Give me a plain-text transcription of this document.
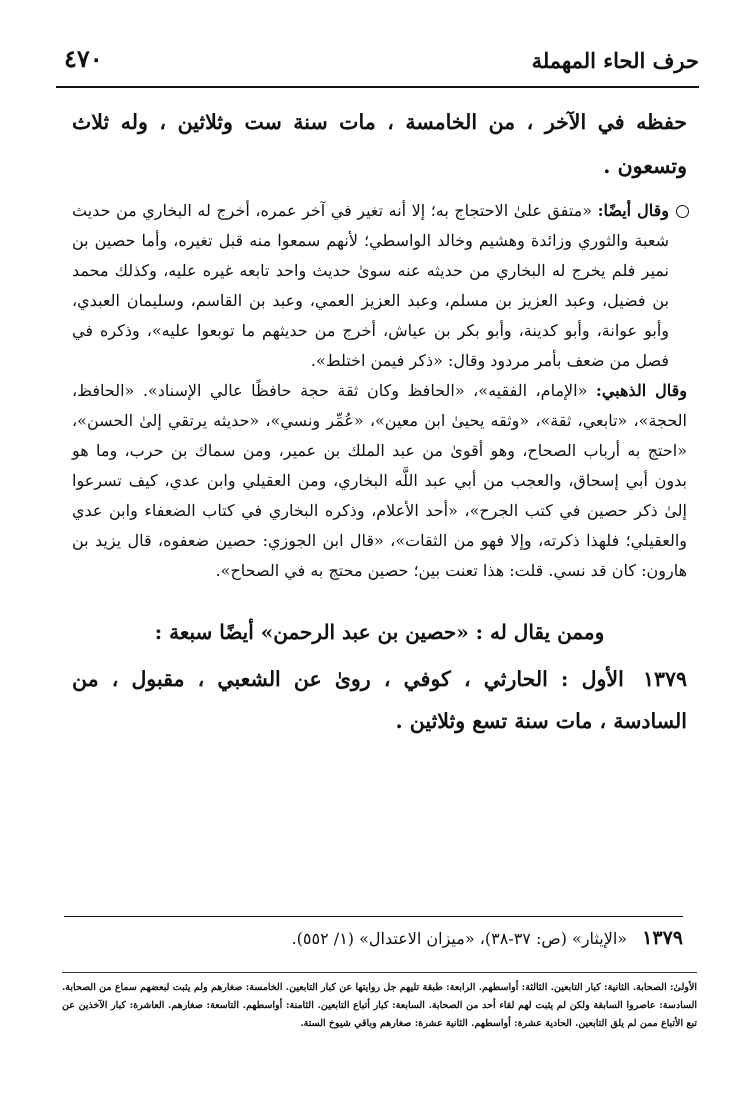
حرف الحاء المهملة
٤٧٠

حفظه في الآخر ، من الخامسة ، مات سنة ست وثلاثين ، وله ثلاث وتسعون .

وقال أيضًا: «متفق علىٰ الاحتجاج به؛ إلا أنه تغير في آخر عمره، أخرج له البخاري من حديث شعبة والثوري وزائدة وهشيم وخالد الواسطي؛ لأنهم سمعوا منه قبل تغيره، وأما حصين بن نمير فلم يخرج له البخاري من حديثه عنه سوىٰ حديث واحد تابعه غيره عليه، وكذلك محمد بن فضيل، وعبد العزيز بن مسلم، وعبد العزيز العمي، وعبد بن القاسم، وسليمان العبدي، وأبو عوانة، وأبو كدينة، وأبو بكر بن عياش، أخرج من حديثهم ما توبعوا عليه»، وذكره في فصل من ضعف بأمر مردود وقال: «ذكر فيمن اختلط».

وقال الذهبي: «الإمام، الفقيه»، «الحافظ وكان ثقة حجة حافظًا عالي الإسناد». «الحافظ، الحجة»، «تابعي، ثقة»، «وثقه يحيىٰ ابن معين»، «عُمِّر ونسي»، «حديثه يرتقي إلىٰ الحسن»، «احتج به أرباب الصحاح، وهو أقوىٰ من عبد الملك بن عمير، ومن سماك بن حرب، وما هو بدون أبي إسحاق، والعجب من أبي عبد اللَّه البخاري، ومن العقيلي وابن عدي، كيف تسرعوا إلىٰ ذكر حصين في كتب الجرح»، «أحد الأعلام، وذكره البخاري في كتاب الضعفاء وابن عدي والعقيلي؛ فلهذا ذكرته، وإلا فهو من الثقات»، «قال ابن الجوزي: حصين ضعفوه، قال يزيد بن هارون: كان قد نسي. قلت: هذا تعنت بين؛ حصين محتج به في الصحاح».

وممن يقال له : «حصين بن عبد الرحمن» أيضًا سبعة :

١٣٧٩ الأول : الحارثي ، كوفي ، روىٰ عن الشعبي ، مقبول ، من السادسة ، مات سنة تسع وثلاثين .

١٣٧٩ «الإيثار» (ص: ٣٧-٣٨)، «ميزان الاعتدال» (١/ ٥٥٢).
الأولىٰ: الصحابة. الثانية: كبار التابعين. الثالثة: أواسطهم. الرابعة: طبقة تليهم جل روايتها عن كبار التابعين. الخامسة: صغارهم ولم يثبت لبعضهم سماع من الصحابة. السادسة: عاصروا السابقة ولكن لم يثبت لهم لقاء أحد من الصحابة. السابعة: كبار أتباع التابعين. الثامنة: أواسطهم. التاسعة: صغارهم. العاشرة: كبار الآخذين عن تبع الأتباع ممن لم يلق التابعين. الحادية عشرة: أواسطهم. الثانية عشرة: صغارهم وباقي شيوخ الستة.
